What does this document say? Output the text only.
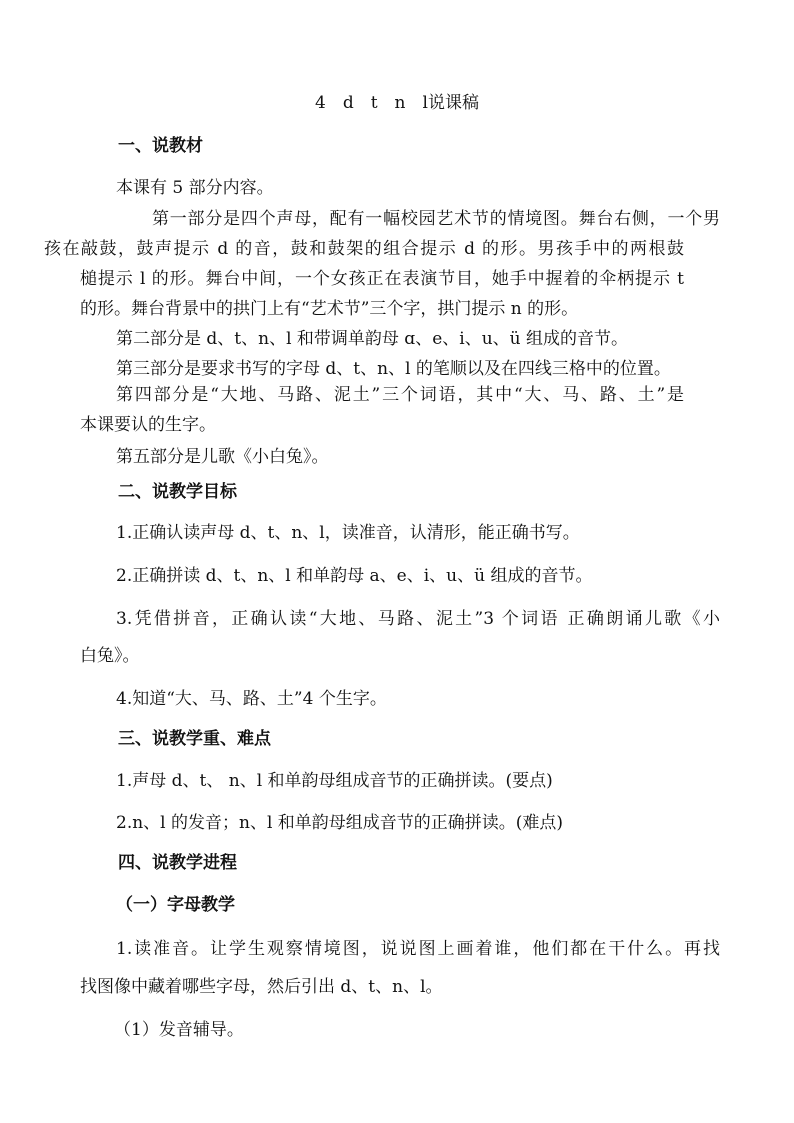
4　d　t　n　l说课稿
一、说教材
本课有 5 部分内容。
第一部分是四个声母，配有一幅校园艺术节的情境图。舞台右侧，一个男
孩在敲鼓，鼓声提示 d 的音，鼓和鼓架的组合提示 d 的形。男孩手中的两根鼓
槌提示 l 的形。舞台中间，一个女孩正在表演节目，她手中握着的伞柄提示 t
的形。舞台背景中的拱门上有“艺术节”三个字，拱门提示 n 的形。
第二部分是 d、t、n、l 和带调单韵母 ɑ、e、i、u、ü 组成的音节。
第三部分是要求书写的字母 d、t、n、l 的笔顺以及在四线三格中的位置。
第四部分是“大地、马路、泥土”三个词语，其中“大、马、路、土”是
本课要认的生字。
第五部分是儿歌《小白兔》。
二、说教学目标
1.正确认读声母 d、t、n、l，读准音，认清形，能正确书写。
2.正确拼读 d、t、n、l 和单韵母 a、e、i、u、ü 组成的音节。
3.凭借拼音，正确认读“大地、马路、泥土”3 个词语 正确朗诵儿歌《小
白兔》。
4.知道“大、马、路、土”4 个生字。
三、说教学重、难点
1.声母 d、t、 n、l 和单韵母组成音节的正确拼读。(要点)
2.n、l 的发音；n、l 和单韵母组成音节的正确拼读。(难点)
四、说教学进程
（一）字母教学
1.读准音。让学生观察情境图，说说图上画着谁，他们都在干什么。再找
找图像中藏着哪些字母，然后引出 d、t、n、l。
（1）发音辅导。
